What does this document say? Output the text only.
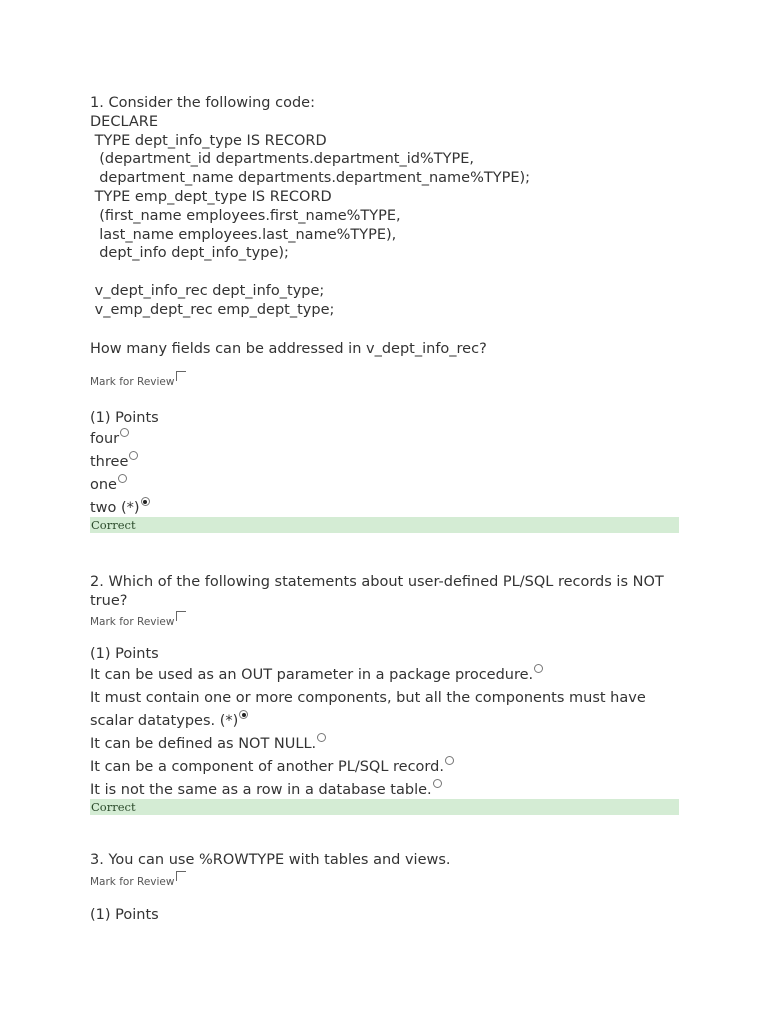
1. Consider the following code:
DECLARE
TYPE dept_info_type IS RECORD
(department_id departments.department_id%TYPE,
department_name departments.department_name%TYPE);
TYPE emp_dept_type IS RECORD
(first_name employees.first_name%TYPE,
last_name employees.last_name%TYPE),
dept_info dept_info_type);

v_dept_info_rec dept_info_type;
v_emp_dept_rec emp_dept_type;

How many fields can be addressed in v_dept_info_rec?
Mark for Review
(1) Points
four
three
one
two (*)
Correct
2. Which of the following statements about user-defined PL/SQL records is NOT true?
Mark for Review
(1) Points
It can be used as an OUT parameter in a package procedure.
It must contain one or more components, but all the components must have scalar datatypes. (*)
It can be defined as NOT NULL.
It can be a component of another PL/SQL record.
It is not the same as a row in a database table.
Correct
3. You can use %ROWTYPE with tables and views.
Mark for Review
(1) Points
